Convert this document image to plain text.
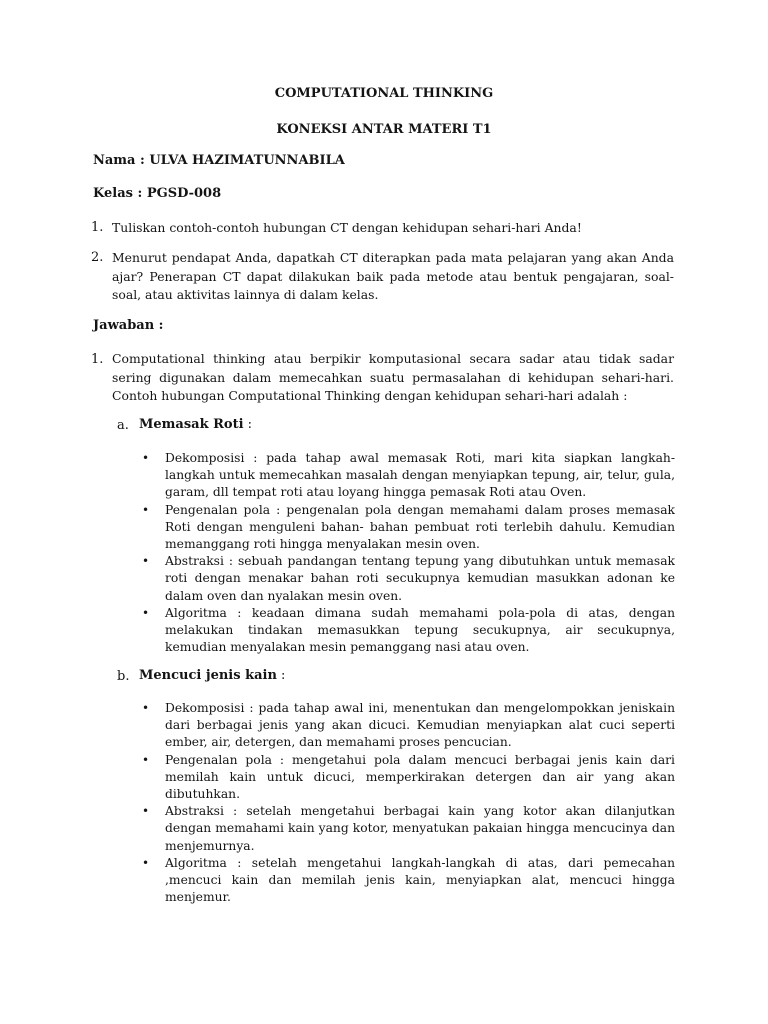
COMPUTATIONAL THINKING
KONEKSI ANTAR MATERI T1
Nama : ULVA HAZIMATUNNABILA
Kelas : PGSD-008
1. Tuliskan contoh-contoh hubungan CT dengan kehidupan sehari-hari Anda!
2. Menurut pendapat Anda, dapatkah CT diterapkan pada mata pelajaran yang akan Anda ajar? Penerapan CT dapat dilakukan baik pada metode atau bentuk pengajaran, soal-soal, atau aktivitas lainnya di dalam kelas.
Jawaban :
1. Computational thinking atau berpikir komputasional secara sadar atau tidak sadar sering digunakan dalam memecahkan suatu permasalahan di kehidupan sehari-hari. Contoh hubungan Computational Thinking dengan kehidupan sehari-hari adalah :
a. Memasak Roti :
• Dekomposisi : pada tahap awal memasak Roti, mari kita siapkan langkah- langkah untuk memecahkan masalah dengan menyiapkan tepung, air, telur, gula, garam, dll tempat roti atau loyang hingga pemasak Roti atau Oven.
• Pengenalan pola : pengenalan pola dengan memahami dalam proses memasak Roti dengan menguleni bahan- bahan pembuat roti terlebih dahulu. Kemudian memanggang roti hingga menyalakan mesin oven.
• Abstraksi : sebuah pandangan tentang tepung yang dibutuhkan untuk memasak roti dengan menakar bahan roti secukupnya kemudian masukkan adonan ke dalam oven dan nyalakan mesin oven.
• Algoritma : keadaan dimana sudah memahami pola-pola di atas, dengan melakukan tindakan memasukkan tepung secukupnya, air secukupnya, kemudian menyalakan mesin pemanggang nasi atau oven.
b. Mencuci jenis kain :
• Dekomposisi : pada tahap awal ini, menentukan dan mengelompokkan jeniskain dari berbagai jenis yang akan dicuci. Kemudian menyiapkan alat cuci seperti ember, air, detergen, dan memahami proses pencucian.
• Pengenalan pola : mengetahui pola dalam mencuci berbagai jenis kain dari memilah kain untuk dicuci, memperkirakan detergen dan air yang akan dibutuhkan.
• Abstraksi : setelah mengetahui berbagai kain yang kotor akan dilanjutkan dengan memahami kain yang kotor, menyatukan pakaian hingga mencucinya dan menjemurnya.
• Algoritma : setelah mengetahui langkah-langkah di atas, dari pemecahan ,mencuci kain dan memilah jenis kain, menyiapkan alat, mencuci hingga menjemur.
